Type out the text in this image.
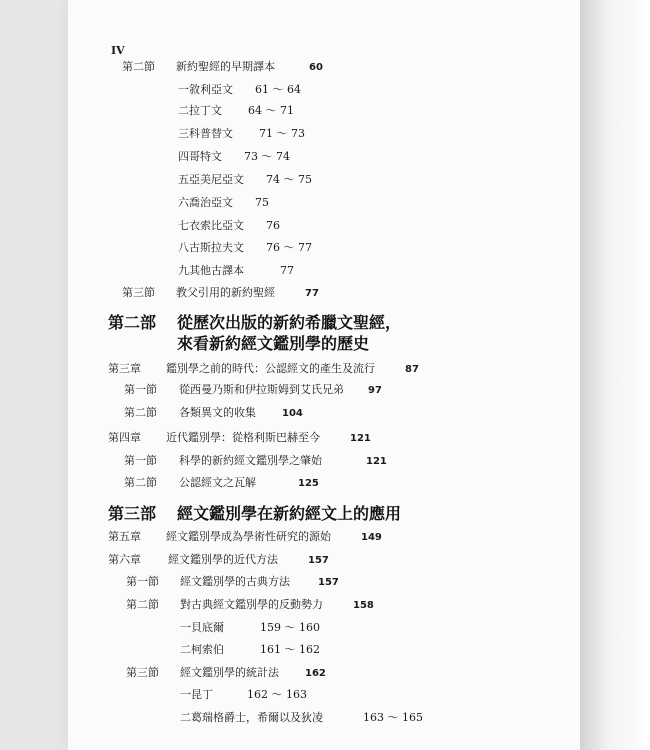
IV
第二節 新約聖經的早期譯本	60
一敘利亞文 61 ～ 64
二拉丁文 64 ～ 71
三科普替文 71 ～ 73
四哥特文 73 ～ 74
五亞美尼亞文 74 ～ 75
六喬治亞文 75
七衣索比亞文 76
八古斯拉夫文 76 ～ 77
九其他古譯本	77
第三節 教父引用的新約聖經	77
第二部 從歷次出版的新約希臘文聖經，
來看新約經文鑑別學的歷史
第三章 鑑別學之前的時代：公認經文的產生及流行	87
第一節 從西曼乃斯和伊拉斯姆到艾氏兄弟 97
第二節 各類異文的收集	104
第四章 近代鑑別學：從格利斯巴赫至今	121
第一節 科學的新約經文鑑別學之肇始	121
第二節 公認經文之瓦解	125
第三部 經文鑑別學在新約經文上的應用
第五章 經文鑑別學成為學術性研究的源始	149
第六章 經文鑑別學的近代方法	157
第一節 經文鑑別學的古典方法	157
第二節 對古典經文鑑別學的反動勢力	158
一貝底爾	159 ～ 160
二柯索伯	161 ～ 162
第三節 經文鑑別學的統計法	162
一昆丁	162 ～ 163
二葛瑞格爵士，希爾以及狄凌	163 ～ 165
